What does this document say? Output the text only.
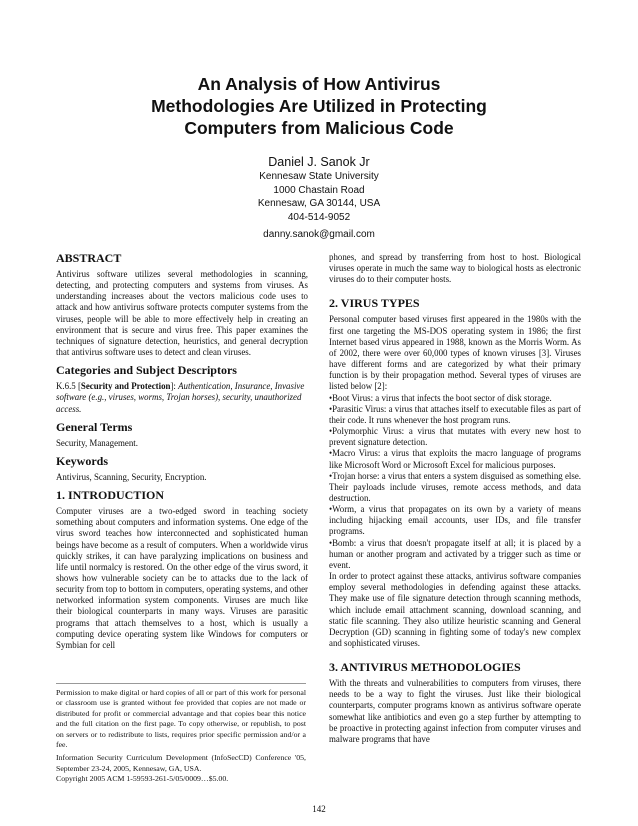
An Analysis of How Antivirus
Methodologies Are Utilized in Protecting
Computers from Malicious Code
Daniel J. Sanok Jr
Kennesaw State University
1000 Chastain Road
Kennesaw, GA 30144, USA
404-514-9052
danny.sanok@gmail.com
ABSTRACT

Antivirus software utilizes several methodologies in scanning, detecting, and protecting computers and systems from viruses. As understanding increases about the vectors malicious code uses to attack and how antivirus software protects computer systems from the viruses, people will be able to more effectively help in creating an environment that is secure and virus free. This paper examines the techniques of signature detection, heuristics, and general decryption that antivirus software uses to detect and clean viruses.

Categories and Subject Descriptors

K.6.5 [Security and Protection]: Authentication, Insurance, Invasive software (e.g., viruses, worms, Trojan horses), security, unauthorized access.

General Terms

Security, Management.

Keywords

Antivirus, Scanning, Security, Encryption.

1. INTRODUCTION

Computer viruses are a two-edged sword in teaching society something about computers and information systems. One edge of the virus sword teaches how interconnected and sophisticated human beings have become as a result of computers. When a worldwide virus quickly strikes, it can have paralyzing implications on business and life until normalcy is restored. On the other edge of the virus sword, it shows how vulnerable society can be to attacks due to the lack of security from top to bottom in computers, operating systems, and other networked information system components. Viruses are much like their biological counterparts in many ways. Viruses are parasitic programs that attach themselves to a host, which is usually a computing device operating system like Windows for computers or Symbian for cell

Permission to make digital or hard copies of all or part of this work for personal or classroom use is granted without fee provided that copies are not made or distributed for profit or commercial advantage and that copies bear this notice and the full citation on the first page. To copy otherwise, or republish, to post on servers or to redistribute to lists, requires prior specific permission and/or a fee.

Information Security Curriculum Development (InfoSecCD) Conference '05, September 23-24, 2005, Kennesaw, GA, USA.
Copyright 2005 ACM 1-59593-261-5/05/0009…$5.00.

phones, and spread by transferring from host to host. Biological viruses operate in much the same way to biological hosts as electronic viruses do to their computer hosts.

2. VIRUS TYPES

Personal computer based viruses first appeared in the 1980s with the first one targeting the MS-DOS operating system in 1986; the first Internet based virus appeared in 1988, known as the Morris Worm. As of 2002, there were over 60,000 types of known viruses [3]. Viruses have different forms and are categorized by what their primary function is by their propagation method. Several types of viruses are listed below [2]:

•Boot Virus: a virus that infects the boot sector of disk storage.

•Parasitic Virus: a virus that attaches itself to executable files as part of their code. It runs whenever the host program runs.

•Polymorphic Virus: a virus that mutates with every new host to prevent signature detection.

•Macro Virus: a virus that exploits the macro language of programs like Microsoft Word or Microsoft Excel for malicious purposes.

•Trojan horse: a virus that enters a system disguised as something else. Their payloads include viruses, remote access methods, and data destruction.

•Worm, a virus that propagates on its own by a variety of means including hijacking email accounts, user IDs, and file transfer programs.

•Bomb: a virus that doesn't propagate itself at all; it is placed by a human or another program and activated by a trigger such as time or event.

In order to protect against these attacks, antivirus software companies employ several methodologies in defending against these attacks. They make use of file signature detection through scanning methods, which include email attachment scanning, download scanning, and static file scanning. They also utilize heuristic scanning and General Decryption (GD) scanning in fighting some of today's new complex and sophisticated viruses.

3. ANTIVIRUS METHODOLOGIES

With the threats and vulnerabilities to computers from viruses, there needs to be a way to fight the viruses. Just like their biological counterparts, computer programs known as antivirus software operate somewhat like antibiotics and even go a step further by attempting to be proactive in protecting against infection from computer viruses and malware programs that have

142
